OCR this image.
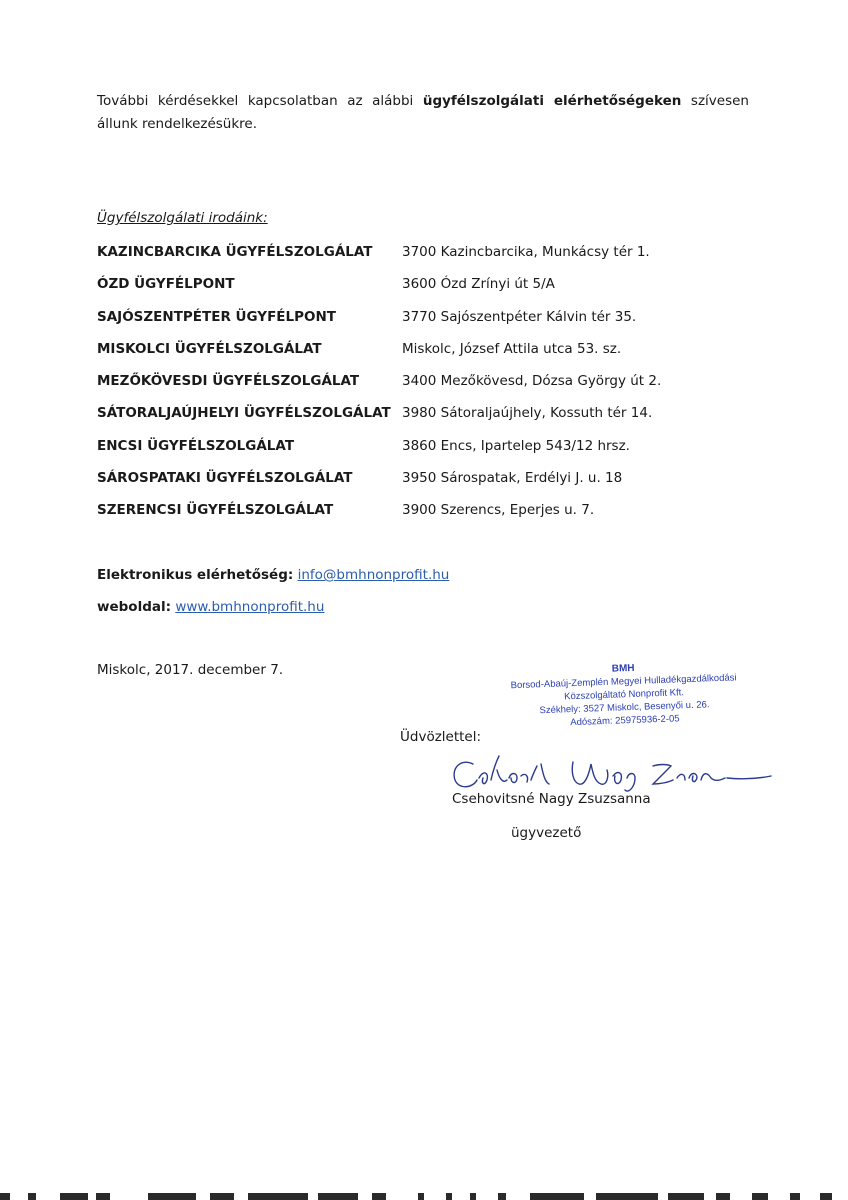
További kérdésekkel kapcsolatban az alábbi ügyfélszolgálati elérhetőségeken szívesen állunk rendelkezésükre.

Ügyfélszolgálati irodáink:
KAZINCBARCIKA ÜGYFÉLSZOLGÁLAT 3700 Kazincbarcika, Munkácsy tér 1.
ÓZD ÜGYFÉLPONT	3600 Ózd Zrínyi út 5/A
SAJÓSZENTPÉTER ÜGYFÉLPONT	3770 Sajószentpéter Kálvin tér 35.
MISKOLCI ÜGYFÉLSZOLGÁLAT	Miskolc, József Attila utca 53. sz.
MEZŐKÖVESDI ÜGYFÉLSZOLGÁLAT	3400 Mezőkövesd, Dózsa György út 2.
SÁTORALJAÚJHELYI ÜGYFÉLSZOLGÁLAT 3980 Sátoraljaújhely, Kossuth tér 14.
ENCSI ÜGYFÉLSZOLGÁLAT	3860 Encs, Ipartelep 543/12 hrsz.
SÁROSPATAKI ÜGYFÉLSZOLGÁLAT	3950 Sárospatak, Erdélyi J. u. 18
SZERENCSI ÜGYFÉLSZOLGÁLAT	3900 Szerencs, Eperjes u. 7.
Elektronikus elérhetőség: info@bmhnonprofit.hu
weboldal: www.bmhnonprofit.hu
Miskolc, 2017. december 7.	BMH
Borsod-Abaúj-Zemplén Megyei Hulladékgazdálkodási
Közszolgáltató Nonprofit Kft.
Székhely: 3527 Miskolc, Besenyői u. 26.
Adószám: 25975936-2-05
Üdvözlettel:
Csehovitsné Nagy Zsuzsanna
ügyvezető
